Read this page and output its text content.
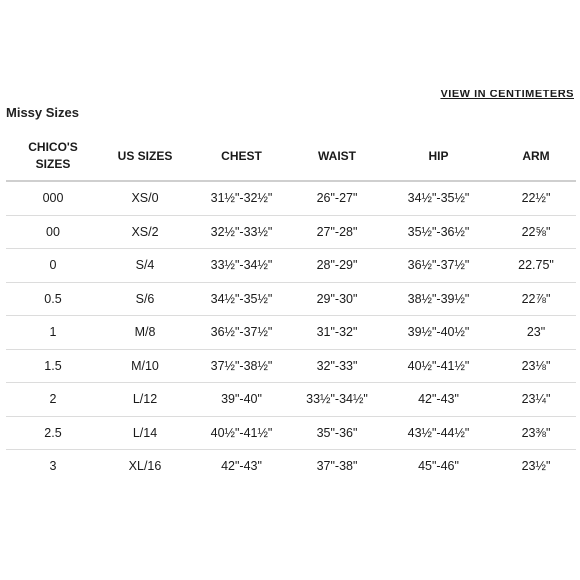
VIEW IN CENTIMETERS
Missy Sizes
CHICO'S
SIZES	US SIZES	CHEST	WAIST	HIP	ARM
000	XS/0	31½"-32½"	26"-27"	34½"-35½"	22½"
00	XS/2	32½"-33½"	27"-28"	35½"-36½"	22⅝"
0	S/4	33½"-34½"	28"-29"	36½"-37½"	22.75"
0.5	S/6	34½"-35½"	29"-30"	38½"-39½"	22⅞"
1	M/8	36½"-37½"	31"-32"	39½"-40½"	23"
1.5	M/10	37½"-38½"	32"-33"	40½"-41½"	23⅛"
2	L/12	39"-40"	33½"-34½"	42"-43"	23¼"
2.5	L/14	40½"-41½"	35"-36"	43½"-44½"	23⅜"
3	XL/16	42"-43"	37"-38"	45"-46"	23½"
